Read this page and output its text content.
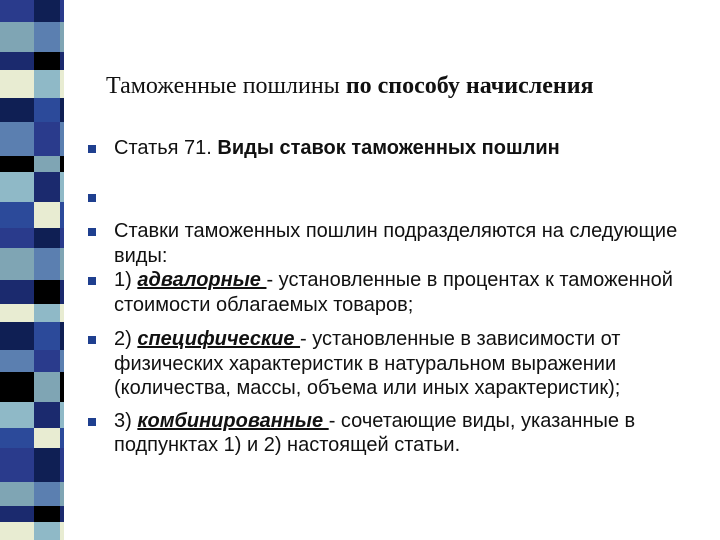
Таможенные пошлины по способу начисления
Статья 71. Виды ставок таможенных пошлин
Ставки таможенных пошлин подразделяются на следующие виды:
1) адвалорные - установленные в процентах к таможенной стоимости облагаемых товаров;
2) специфические - установленные в зависимости от физических характеристик в натуральном выражении (количества, массы, объема или иных характеристик);
3) комбинированные - сочетающие виды, указанные в подпунктах 1) и 2) настоящей статьи.
